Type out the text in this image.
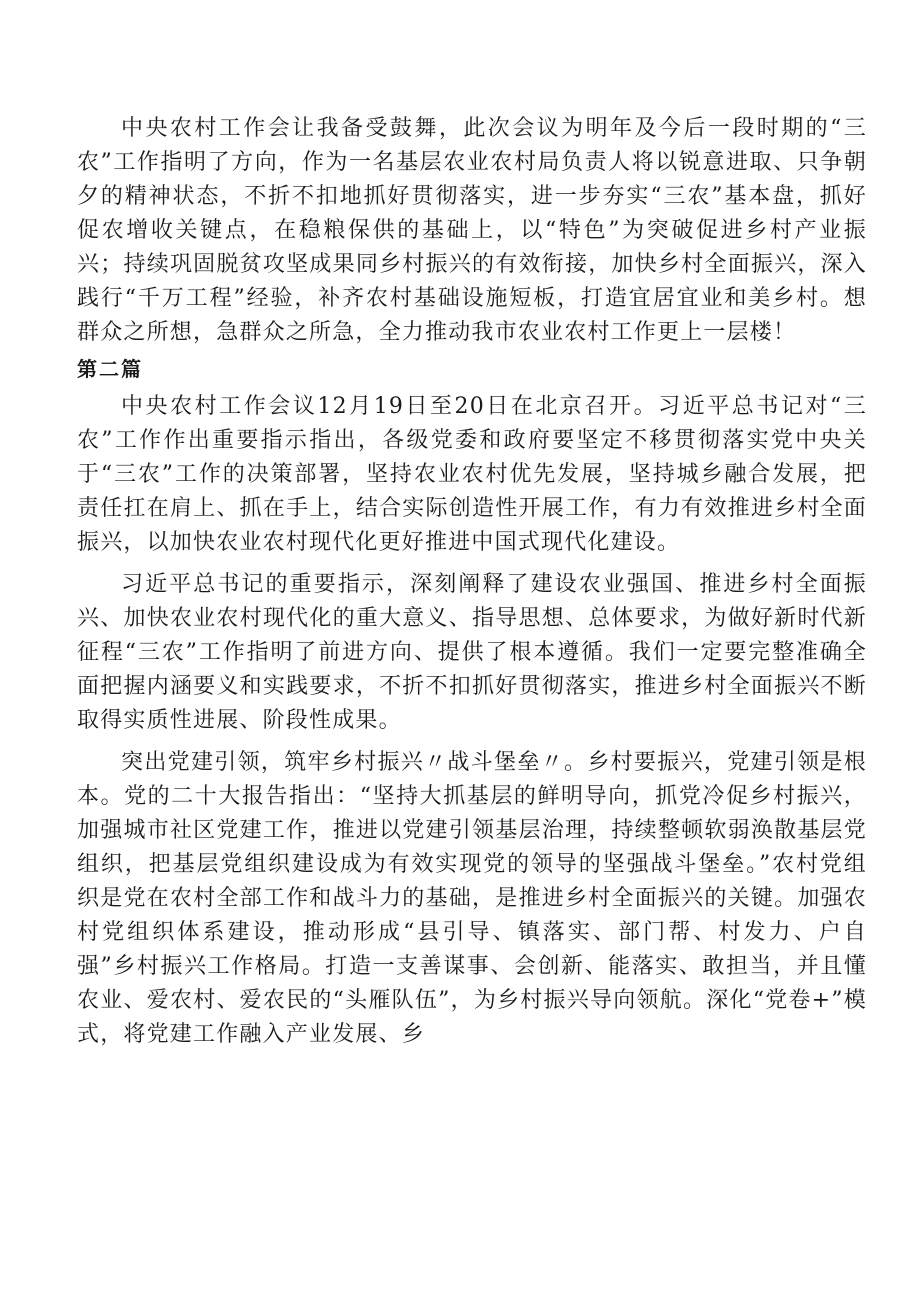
中央农村工作会让我备受鼓舞，此次会议为明年及今后一段时期的“三农”工作指明了方向，作为一名基层农业农村局负责人将以锐意进取、只争朝夕的精神状态，不折不扣地抓好贯彻落实，进一步夯实“三农”基本盘，抓好促农增收关键点，在稳粮保供的基础上，以“特色”为突破促进乡村产业振兴；持续巩固脱贫攻坚成果同乡村振兴的有效衔接，加快乡村全面振兴，深入践行“千万工程”经验，补齐农村基础设施短板，打造宜居宜业和美乡村。想群众之所想，急群众之所急，全力推动我市农业农村工作更上一层楼！

第二篇

中央农村工作会议12月19日至20日在北京召开。习近平总书记对“三农”工作作出重要指示指出，各级党委和政府要坚定不移贯彻落实党中央关于“三农”工作的决策部署，坚持农业农村优先发展，坚持城乡融合发展，把责任扛在肩上、抓在手上，结合实际创造性开展工作，有力有效推进乡村全面振兴，以加快农业农村现代化更好推进中国式现代化建设。

习近平总书记的重要指示，深刻阐释了建设农业强国、推进乡村全面振兴、加快农业农村现代化的重大意义、指导思想、总体要求，为做好新时代新征程“三农”工作指明了前进方向、提供了根本遵循。我们一定要完整准确全面把握内涵要义和实践要求，不折不扣抓好贯彻落实，推进乡村全面振兴不断取得实质性进展、阶段性成果。

突出党建引领，筑牢乡村振兴〃战斗堡垒〃。乡村要振兴，党建引领是根本。党的二十大报告指出：“坚持大抓基层的鲜明导向，抓党冷促乡村振兴，加强城市社区党建工作，推进以党建引领基层治理，持续整顿软弱涣散基层党组织，把基层党组织建设成为有效实现党的领导的坚强战斗堡垒。”农村党组织是党在农村全部工作和战斗力的基础，是推进乡村全面振兴的关键。加强农村党组织体系建设，推动形成“县引导、镇落实、部门帮、村发力、户自强”乡村振兴工作格局。打造一支善谋事、会创新、能落实、敢担当，并且懂农业、爱农村、爱农民的“头雁队伍”，为乡村振兴导向领航。深化“党卷+”模式，将党建工作融入产业发展、乡
